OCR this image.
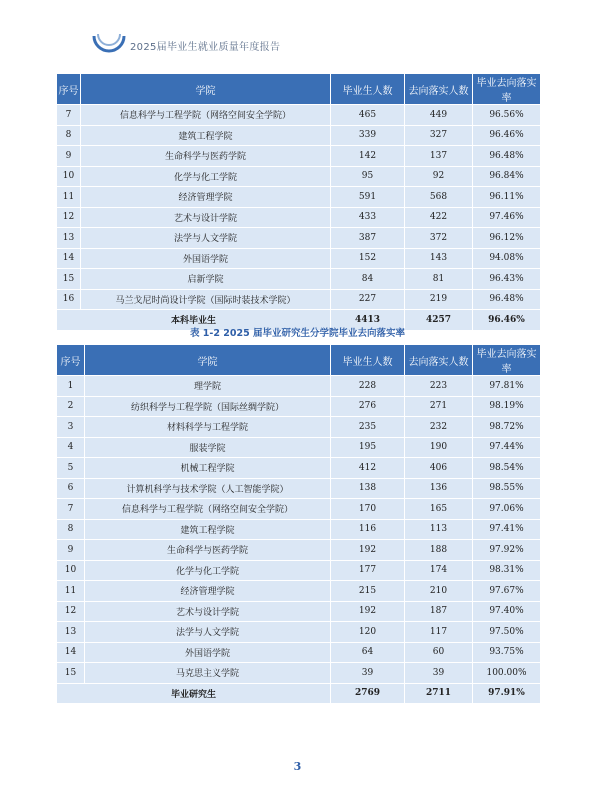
2025届毕业生就业质量年度报告
序号	学院	毕业生人数	去向落实人数	毕业去向落实率
7	信息科学与工程学院（网络空间安全学院）	465	449	96.56%
8	建筑工程学院	339	327	96.46%
9	生命科学与医药学院	142	137	96.48%
10	化学与化工学院	95	92	96.84%
11	经济管理学院	591	568	96.11%
12	艺术与设计学院	433	422	97.46%
13	法学与人文学院	387	372	96.12%
14	外国语学院	152	143	94.08%
15	启新学院	84	81	96.43%
16	马兰戈尼时尚设计学院（国际时装技术学院）	227	219	96.48%
本科毕业生		4413	4257	96.46%
表 1-2 2025 届毕业研究生分学院毕业去向落实率
序号	学院	毕业生人数	去向落实人数	毕业去向落实率
1	理学院	228	223	97.81%
2	纺织科学与工程学院（国际丝绸学院）	276	271	98.19%
3	材料科学与工程学院	235	232	98.72%
4	服装学院	195	190	97.44%
5	机械工程学院	412	406	98.54%
6	计算机科学与技术学院（人工智能学院）	138	136	98.55%
7	信息科学与工程学院（网络空间安全学院）	170	165	97.06%
8	建筑工程学院	116	113	97.41%
9	生命科学与医药学院	192	188	97.92%
10	化学与化工学院	177	174	98.31%
11	经济管理学院	215	210	97.67%
12	艺术与设计学院	192	187	97.40%
13	法学与人文学院	120	117	97.50%
14	外国语学院	64	60	93.75%
15	马克思主义学院	39	39	100.00%
毕业研究生		2769	2711	97.91%
3
